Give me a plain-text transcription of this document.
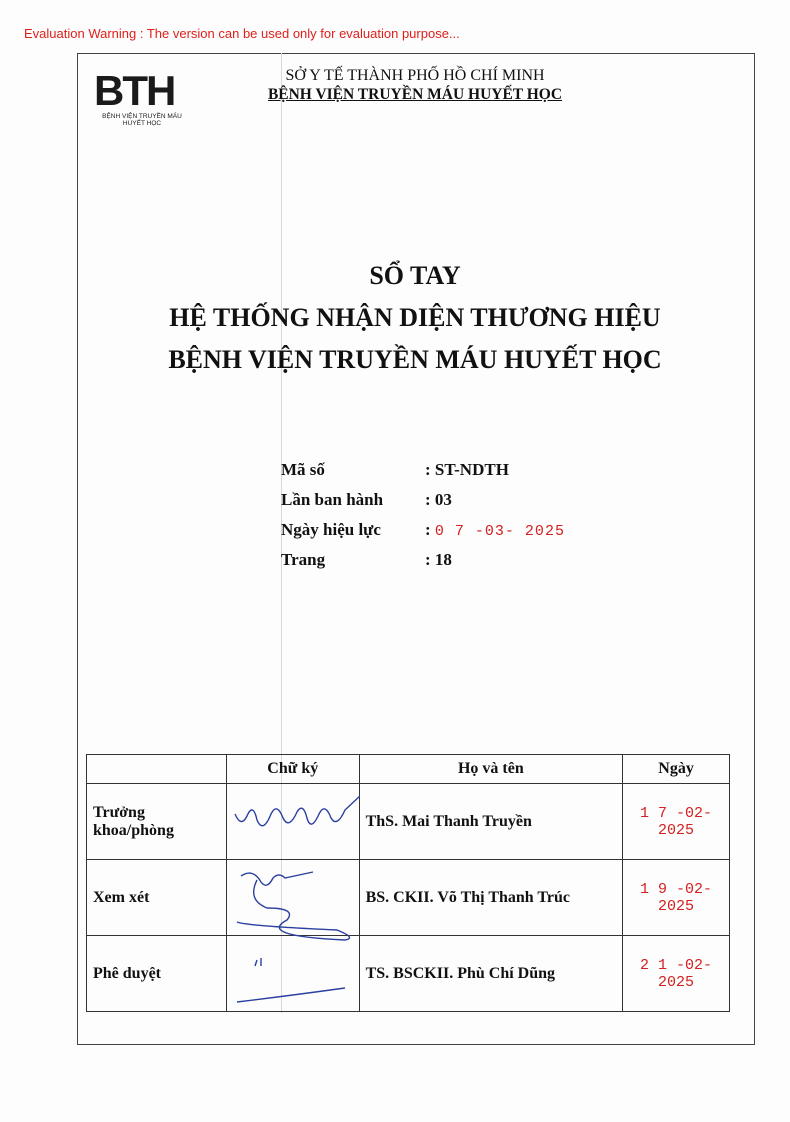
Evaluation Warning : The version can be used only for evaluation purpose...
BTH
BỆNH VIỆN TRUYỀN MÁU
HUYẾT HỌC
SỞ Y TẾ THÀNH PHỐ HỒ CHÍ MINH
BỆNH VIỆN TRUYỀN MÁU HUYẾT HỌC
SỔ TAY
HỆ THỐNG NHẬN DIỆN THƯƠNG HIỆU
BỆNH VIỆN TRUYỀN MÁU HUYẾT HỌC
Mã số	: ST-NDTH
Lần ban hành : 03
Ngày hiệu lực	: 0 7 -03- 2025
Trang	: 18
	Chữ ký	Họ và tên	Ngày
Trưởng khoa/phòng		ThS. Mai Thanh Truyền	1 7 -02- 2025
Xem xét		BS. CKII. Võ Thị Thanh Trúc	1 9 -02- 2025
Phê duyệt		TS. BSCKII. Phù Chí Dũng	2 1 -02- 2025
